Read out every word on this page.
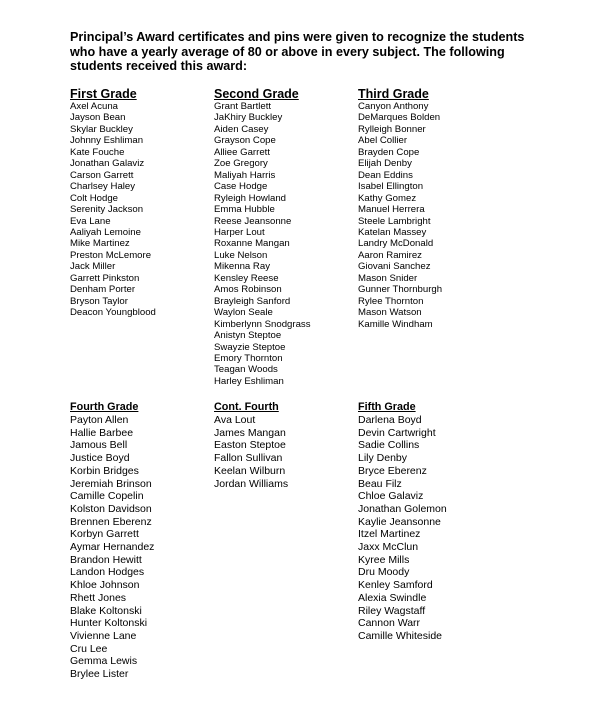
Principal’s Award certificates and pins were given to recognize the students who have a yearly average of 80 or above in every subject. The following students received this award:
First Grade
Axel Acuna
Jayson Bean
Skylar Buckley
Johnny Eshliman
Kate Fouche
Jonathan Galaviz
Carson Garrett
Charlsey Haley
Colt Hodge
Serenity Jackson
Eva Lane
Aaliyah Lemoine
Mike Martinez
Preston McLemore
Jack Miller
Garrett Pinkston
Denham Porter
Bryson Taylor
Deacon Youngblood
Second Grade
Grant Bartlett
JaKhiry Buckley
Aiden Casey
Grayson Cope
Alliee Garrett
Zoe Gregory
Maliyah Harris
Case Hodge
Ryleigh Howland
Emma Hubble
Reese Jeansonne
Harper Lout
Roxanne Mangan
Luke Nelson
Mikenna Ray
Kensley Reese
Amos Robinson
Brayleigh Sanford
Waylon Seale
Kimberlynn Snodgrass
Anistyn Steptoe
Swayzie Steptoe
Emory Thornton
Teagan Woods
Harley Eshliman
Third Grade
Canyon Anthony
DeMarques Bolden
Rylleigh Bonner
Abel Collier
Brayden Cope
Elijah Denby
Dean Eddins
Isabel Ellington
Kathy Gomez
Manuel Herrera
Steele Lambright
Katelan Massey
Landry McDonald
Aaron Ramirez
Giovani Sanchez
Mason Snider
Gunner Thornburgh
Rylee Thornton
Mason Watson
Kamille Windham
Fourth Grade
Payton Allen
Hallie Barbee
Jamous Bell
Justice Boyd
Korbin Bridges
Jeremiah Brinson
Camille Copelin
Kolston Davidson
Brennen Eberenz
Korbyn Garrett
Aymar Hernandez
Brandon Hewitt
Landon Hodges
Khloe Johnson
Rhett Jones
Blake Koltonski
Hunter Koltonski
Vivienne Lane
Cru Lee
Gemma Lewis
Brylee Lister
Cont. Fourth
Ava Lout
James Mangan
Easton Steptoe
Fallon Sullivan
Keelan Wilburn
Jordan Williams
Fifth Grade
Darlena Boyd
Devin Cartwright
Sadie Collins
Lily Denby
Bryce Eberenz
Beau Filz
Chloe Galaviz
Jonathan Golemon
Kaylie Jeansonne
Itzel Martinez
Jaxx McClun
Kyree Mills
Dru Moody
Kenley Samford
Alexia Swindle
Riley Wagstaff
Cannon Warr
Camille Whiteside
